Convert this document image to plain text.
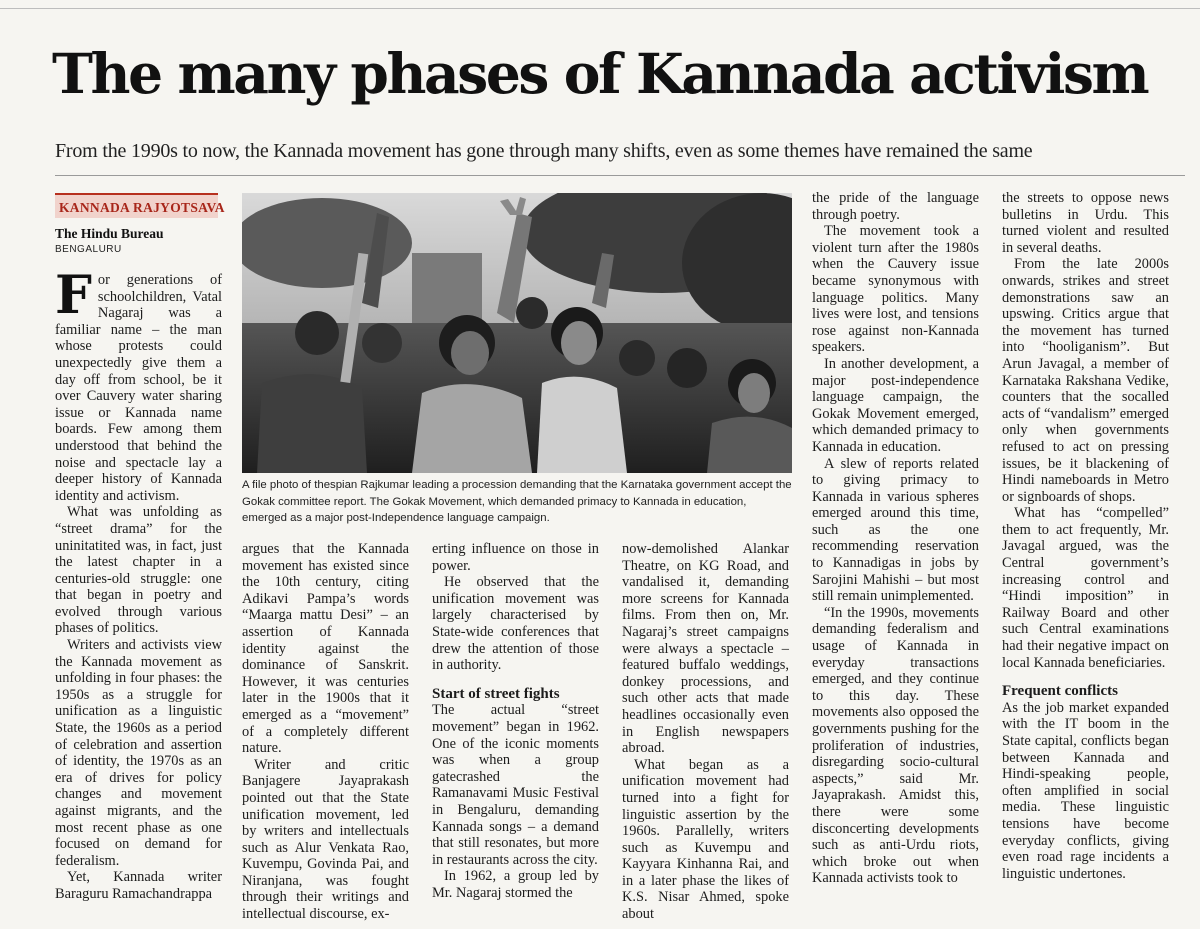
The many phases of Kannada activism
From the 1990s to now, the Kannada movement has gone through many shifts, even as some themes have remained the same
KANNADA RAJYOTSAVA
The Hindu Bureau
BENGALURU

For generations of schoolchildren, Vatal Nagaraj was a familiar name – the man whose protests could unexpectedly give them a day off from school, be it over Cauvery water sharing issue or Kannada name boards. Few among them understood that behind the noise and spectacle lay a deeper history of Kannada identity and activism.

What was unfolding as “street drama” for the uninitatited was, in fact, just the latest chapter in a centuries-old struggle: one that began in poetry and evolved through various phases of politics.

Writers and activists view the Kannada movement as unfolding in four phases: the 1950s as a struggle for unification as a linguistic State, the 1960s as a period of celebration and assertion of identity, the 1970s as an era of drives for policy changes and movement against migrants, and the most recent phase as one focused on demand for federalism.

Yet, Kannada writer Baraguru Ramachandrappa

A file photo of thespian Rajkumar leading a procession demanding that the Karnataka government accept the Gokak committee report. The Gokak Movement, which demanded primacy to Kannada in education, emerged as a major post-Independence language campaign.

argues that the Kannada movement has existed since the 10th century, citing Adikavi Pampa’s words “Maarga mattu Desi” – an assertion of Kannada identity against the dominance of Sanskrit. However, it was centuries later in the 1900s that it emerged as a “movement” of a completely different nature.

Writer and critic Banjagere Jayaprakash pointed out that the State unification movement, led by writers and intellectuals such as Alur Venkata Rao, Kuvempu, Govinda Pai, and Niranjana, was fought through their writings and intellectual discourse, ex-

erting influence on those in power.

He observed that the unification movement was largely characterised by State-wide conferences that drew the attention of those in authority.

Start of street fights

The actual “street movement” began in 1962. One of the iconic moments was when a group gatecrashed the Ramanavami Music Festival in Bengaluru, demanding Kannada songs – a demand that still resonates, but more in restaurants across the city.

In 1962, a group led by Mr. Nagaraj stormed the

now-demolished Alankar Theatre, on KG Road, and vandalised it, demanding more screens for Kannada films. From then on, Mr. Nagaraj’s street campaigns were always a spectacle – featured buffalo weddings, donkey processions, and such other acts that made headlines occasionally even in English newspapers abroad.

What began as a unification movement had turned into a fight for linguistic assertion by the 1960s. Parallelly, writers such as Kuvempu and Kayyara Kinhanna Rai, and in a later phase the likes of K.S. Nisar Ahmed, spoke about

the pride of the language through poetry.

The movement took a violent turn after the 1980s when the Cauvery issue became synonymous with language politics. Many lives were lost, and tensions rose against non-Kannada speakers.

In another development, a major post-independence language campaign, the Gokak Movement emerged, which demanded primacy to Kannada in education.

A slew of reports related to giving primacy to Kannada in various spheres emerged around this time, such as the one recommending reservation to Kannadigas in jobs by Sarojini Mahishi – but most still remain unimplemented.

“In the 1990s, movements demanding federalism and usage of Kannada in everyday transactions emerged, and they continue to this day. These movements also opposed the governments pushing for the proliferation of industries, disregarding socio-cultural aspects,” said Mr. Jayaprakash. Amidst this, there were some disconcerting developments such as anti-Urdu riots, which broke out when Kannada activists took to

the streets to oppose news bulletins in Urdu. This turned violent and resulted in several deaths.

From the late 2000s onwards, strikes and street demonstrations saw an upswing. Critics argue that the movement has turned into “hooliganism”. But Arun Javagal, a member of Karnataka Rakshana Vedike, counters that the socalled acts of “vandalism” emerged only when governments refused to act on pressing issues, be it blackening of Hindi nameboards in Metro or signboards of shops.

What has “compelled” them to act frequently, Mr. Javagal argued, was the Central government’s increasing control and “Hindi imposition” in Railway Board and other such Central examinations had their negative impact on local Kannada beneficiaries.

Frequent conflicts

As the job market expanded with the IT boom in the State capital, conflicts began between Kannada and Hindi-speaking people, often amplified in social media. These linguistic tensions have become everyday conflicts, giving even road rage incidents a linguistic undertones.
